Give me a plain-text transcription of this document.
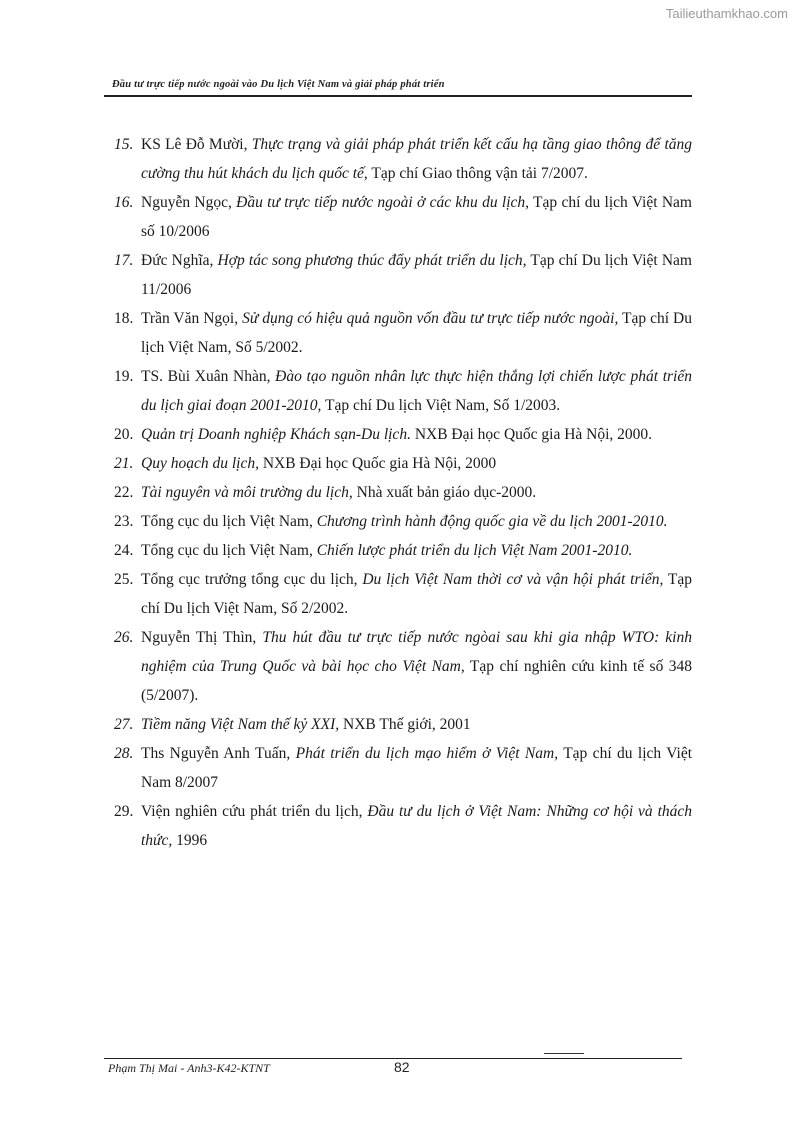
Tailieuthamkhao.com
Đầu tư trực tiếp nước ngoài vào Du lịch Việt Nam và giải pháp phát triển
15. KS Lê Đỗ Mười, Thực trạng và giải pháp phát triển kết cấu hạ tầng giao thông để tăng cường thu hút khách du lịch quốc tế, Tạp chí Giao thông vận tải 7/2007.
16. Nguyễn Ngọc, Đầu tư trực tiếp nước ngoài ở các khu du lịch, Tạp chí du lịch Việt Nam số 10/2006
17. Đức Nghĩa, Hợp tác song phương thúc đẩy phát triển du lịch, Tạp chí Du lịch Việt Nam 11/2006
18. Trần Văn Ngọi, Sử dụng có hiệu quả nguồn vốn đầu tư trực tiếp nước ngoài, Tạp chí Du lịch Việt Nam, Số 5/2002.
19. TS. Bùi Xuân Nhàn, Đào tạo nguồn nhân lực thực hiện thắng lợi chiến lược phát triển du lịch giai đoạn 2001-2010, Tạp chí Du lịch Việt Nam, Số 1/2003.
20. Quản trị Doanh nghiệp Khách sạn-Du lịch. NXB Đại học Quốc gia Hà Nội, 2000.
21. Quy hoạch du lịch, NXB Đại học Quốc gia Hà Nội, 2000
22. Tài nguyên và môi trường du lịch, Nhà xuất bản giáo dục-2000.
23. Tổng cục du lịch Việt Nam, Chương trình hành động quốc gia về du lịch 2001-2010.
24. Tổng cục du lịch Việt Nam, Chiến lược phát triển du lịch Việt Nam 2001-2010.
25. Tổng cục trưởng tổng cục du lịch, Du lịch Việt Nam thời cơ và vận hội phát triển, Tạp chí Du lịch Việt Nam, Số 2/2002.
26. Nguyễn Thị Thìn, Thu hút đầu tư trực tiếp nước ngòai sau khi gia nhập WTO: kinh nghiệm của Trung Quốc và bài học cho Việt Nam, Tạp chí nghiên cứu kinh tế số 348 (5/2007).
27. Tiềm năng Việt Nam thế kỷ XXI, NXB Thế giới, 2001
28. Ths Nguyễn Anh Tuấn, Phát triển du lịch mạo hiểm ở Việt Nam, Tạp chí du lịch Việt Nam 8/2007
29. Viện nghiên cứu phát triển du lịch, Đầu tư du lịch ở Việt Nam: Những cơ hội và thách thức, 1996
Phạm Thị Mai - Anh3-K42-KTNT	82
